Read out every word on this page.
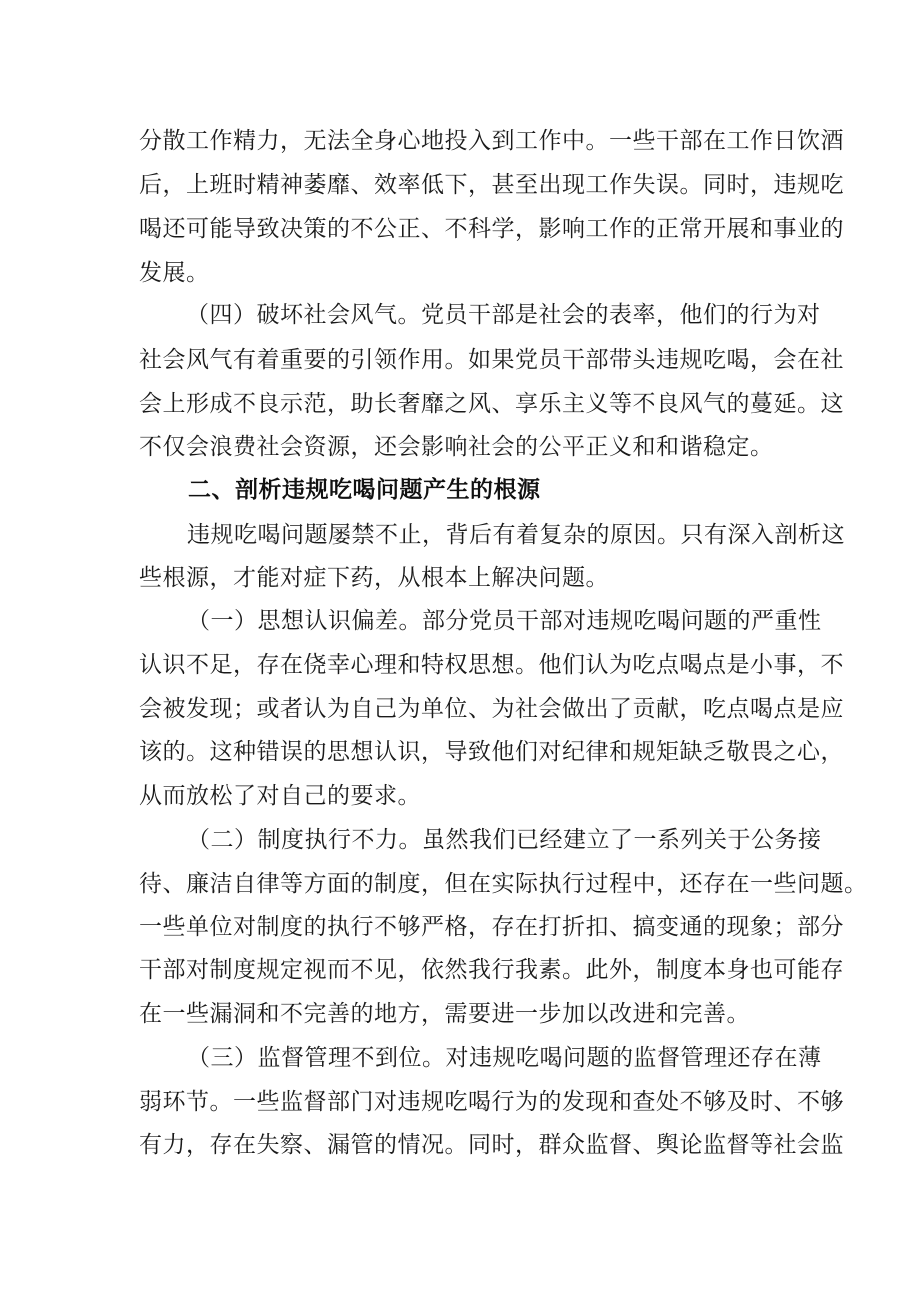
分散工作精力，无法全身心地投入到工作中。一些干部在工作日饮酒
后，上班时精神萎靡、效率低下，甚至出现工作失误。同时，违规吃
喝还可能导致决策的不公正、不科学，影响工作的正常开展和事业的
发展。
（四）破坏社会风气。党员干部是社会的表率，他们的行为对
社会风气有着重要的引领作用。如果党员干部带头违规吃喝，会在社
会上形成不良示范，助长奢靡之风、享乐主义等不良风气的蔓延。这
不仅会浪费社会资源，还会影响社会的公平正义和和谐稳定。
二、剖析违规吃喝问题产生的根源
违规吃喝问题屡禁不止，背后有着复杂的原因。只有深入剖析这
些根源，才能对症下药，从根本上解决问题。
（一）思想认识偏差。部分党员干部对违规吃喝问题的严重性
认识不足，存在侥幸心理和特权思想。他们认为吃点喝点是小事，不
会被发现；或者认为自己为单位、为社会做出了贡献，吃点喝点是应
该的。这种错误的思想认识，导致他们对纪律和规矩缺乏敬畏之心，
从而放松了对自己的要求。
（二）制度执行不力。虽然我们已经建立了一系列关于公务接
待、廉洁自律等方面的制度，但在实际执行过程中，还存在一些问题。
一些单位对制度的执行不够严格，存在打折扣、搞变通的现象；部分
干部对制度规定视而不见，依然我行我素。此外，制度本身也可能存
在一些漏洞和不完善的地方，需要进一步加以改进和完善。
（三）监督管理不到位。对违规吃喝问题的监督管理还存在薄
弱环节。一些监督部门对违规吃喝行为的发现和查处不够及时、不够
有力，存在失察、漏管的情况。同时，群众监督、舆论监督等社会监
